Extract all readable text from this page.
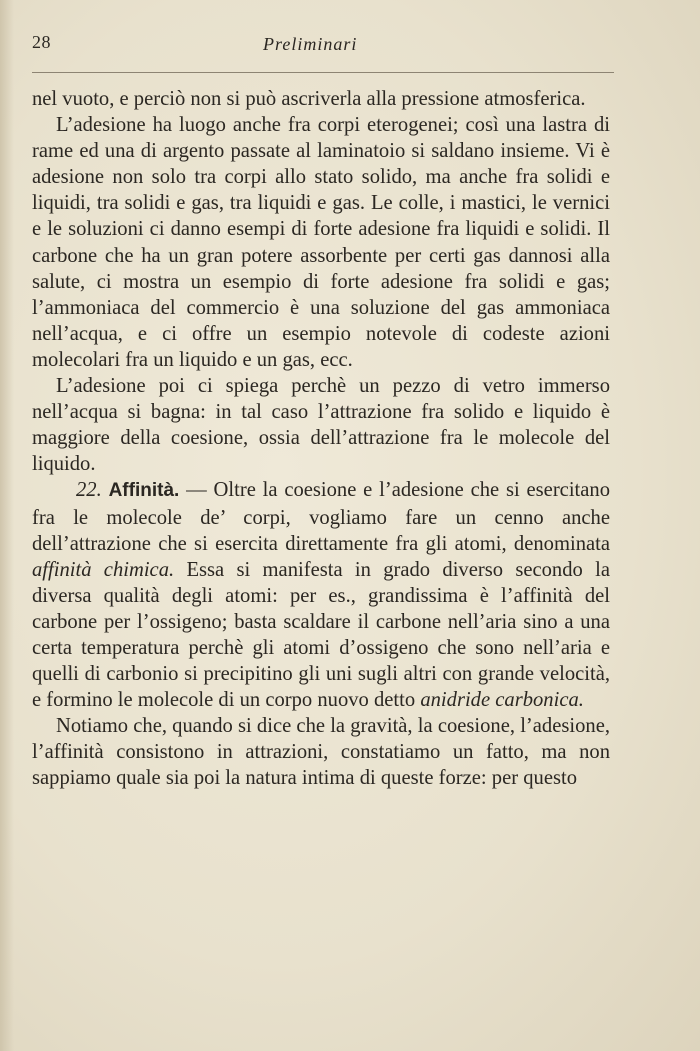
28	Preliminari

nel vuoto, e perciò non si può ascriverla alla pressione atmosferica.

L’adesione ha luogo anche fra corpi eterogenei; così una lastra di rame ed una di argento passate al laminatoio si saldano insieme. Vi è adesione non solo tra corpi allo stato solido, ma anche fra solidi e liquidi, tra solidi e gas, tra liquidi e gas. Le colle, i mastici, le vernici e le soluzioni ci danno esempi di forte adesione fra liquidi e solidi. Il carbone che ha un gran potere assorbente per certi gas dannosi alla salute, ci mostra un esempio di forte adesione fra solidi e gas; l’ammoniaca del commercio è una soluzione del gas ammoniaca nell’acqua, e ci offre un esempio notevole di codeste azioni molecolari fra un liquido e un gas, ecc.

L’adesione poi ci spiega perchè un pezzo di vetro immerso nell’acqua si bagna: in tal caso l’attrazione fra solido e liquido è maggiore della coesione, ossia dell’attrazione fra le molecole del liquido.

22. Affinità. — Oltre la coesione e l’adesione che si esercitano fra le molecole de’ corpi, vogliamo fare un cenno anche dell’attrazione che si esercita direttamente fra gli atomi, denominata affinità chimica. Essa si manifesta in grado diverso secondo la diversa qualità degli atomi: per es., grandissima è l’affinità del carbone per l’ossigeno; basta scaldare il carbone nell’aria sino a una certa temperatura perchè gli atomi d’ossigeno che sono nell’aria e quelli di carbonio si precipitino gli uni sugli altri con grande velocità, e formino le molecole di un corpo nuovo detto anidride carbonica.

Notiamo che, quando si dice che la gravità, la coesione, l’adesione, l’affinità consistono in attrazioni, constatiamo un fatto, ma non sappiamo quale sia poi la natura intima di queste forze: per questo
